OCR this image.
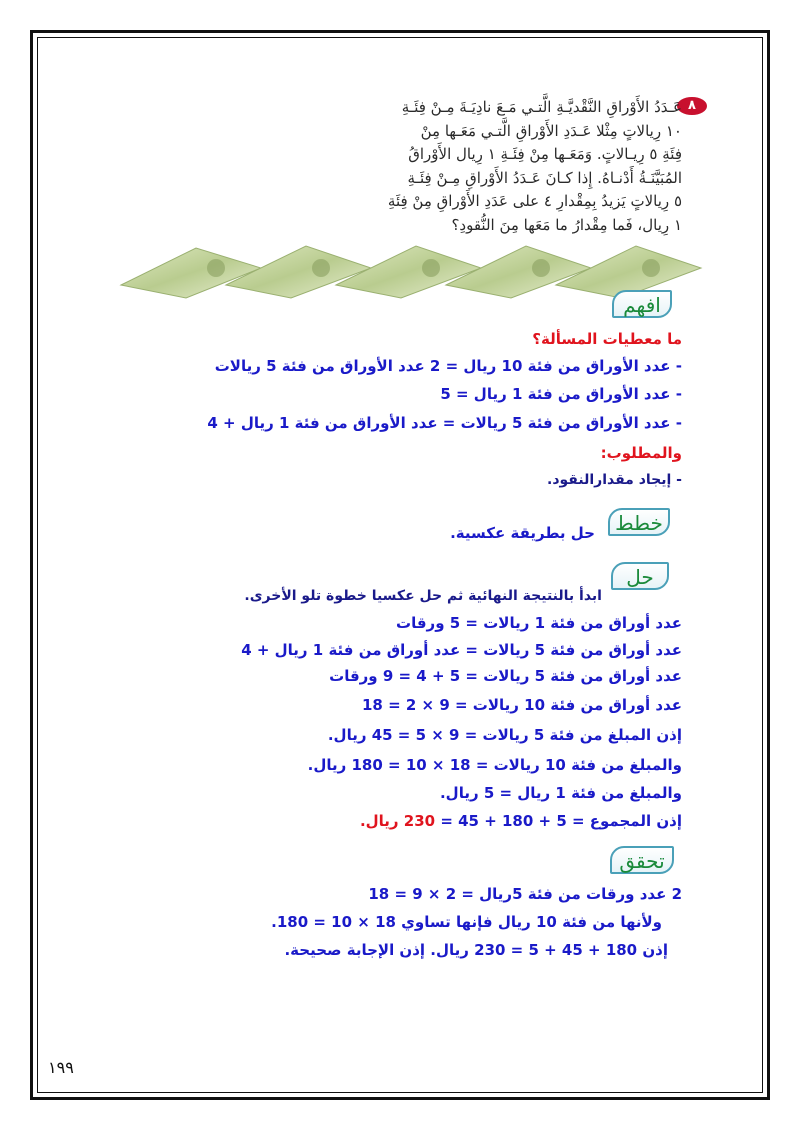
٨

عَـدَدُ الأَوْراقِ النَّقْديَّـةِ الَّتـي مَـعَ نادِيَـةَ مِـنْ فِئَـةِ

١٠ رِيالاتٍ مِثْلا عَـدَدِ الأَوْراقِ الَّتـي مَعَـها مِنْ

فِئَةِ ٥ رِيـالاتٍ. وَمَعَـها مِنْ فِئَـةِ ١ رِيال الأَوْراقُ

المُبَيَّنَـةُ أَدْنـاهُ. إِذا كـانَ عَـدَدُ الأَوْراقِ مِـنْ فِئَـةِ

٥ رِيالاتٍ يَزيدُ بِمِقْدارِ ٤ على عَدَدِ الأَوْراقِ مِنْ فِئَةِ

١ رِيال، فَما مِقْدارُ ما مَعَها مِنَ النُّقودِ؟

افهم
ما معطيات المسألة؟
- عدد الأوراق من فئة 10 ريال = 2 عدد الأوراق من فئة 5 ريالات
- عدد الأوراق من فئة 1 ريال = 5
- عدد الأوراق من فئة 5 ريالات = عدد الأوراق من فئة 1 ريال + 4
والمطلوب:
- إيجاد مقدارالنقود.
خطط
حل بطريقة عكسية.
حل
ابدأ بالنتيجة النهائية ثم حل عكسيا خطوة تلو الأخرى.
عدد أوراق من فئة 1 ريالات = 5 ورقات
عدد أوراق من فئة 5 ريالات = عدد أوراق من فئة 1 ريال + 4
عدد أوراق من فئة 5 ريالات = 5 + 4 = 9 ورقات
عدد أوراق من فئة 10 ريالات = 9 × 2 = 18
إذن المبلغ من فئة 5 ريالات = 9 × 5 = 45 ريال.
والمبلغ من فئة 10 ريالات = 18 × 10 = 180 ريال.
والمبلغ من فئة 1 ريال = 5 ريال.
إذن المجموع = 5 + 180 + 45 = 230 ريال.
تحقق
2 عدد ورقات من فئة 5ريال = 2 × 9 = 18
ولأنها من فئة 10 ريال فإنها تساوي 18 × 10 = 180.
إذن 180 + 45 + 5 = 230 ريال. إذن الإجابة صحيحة.
١٩٩
